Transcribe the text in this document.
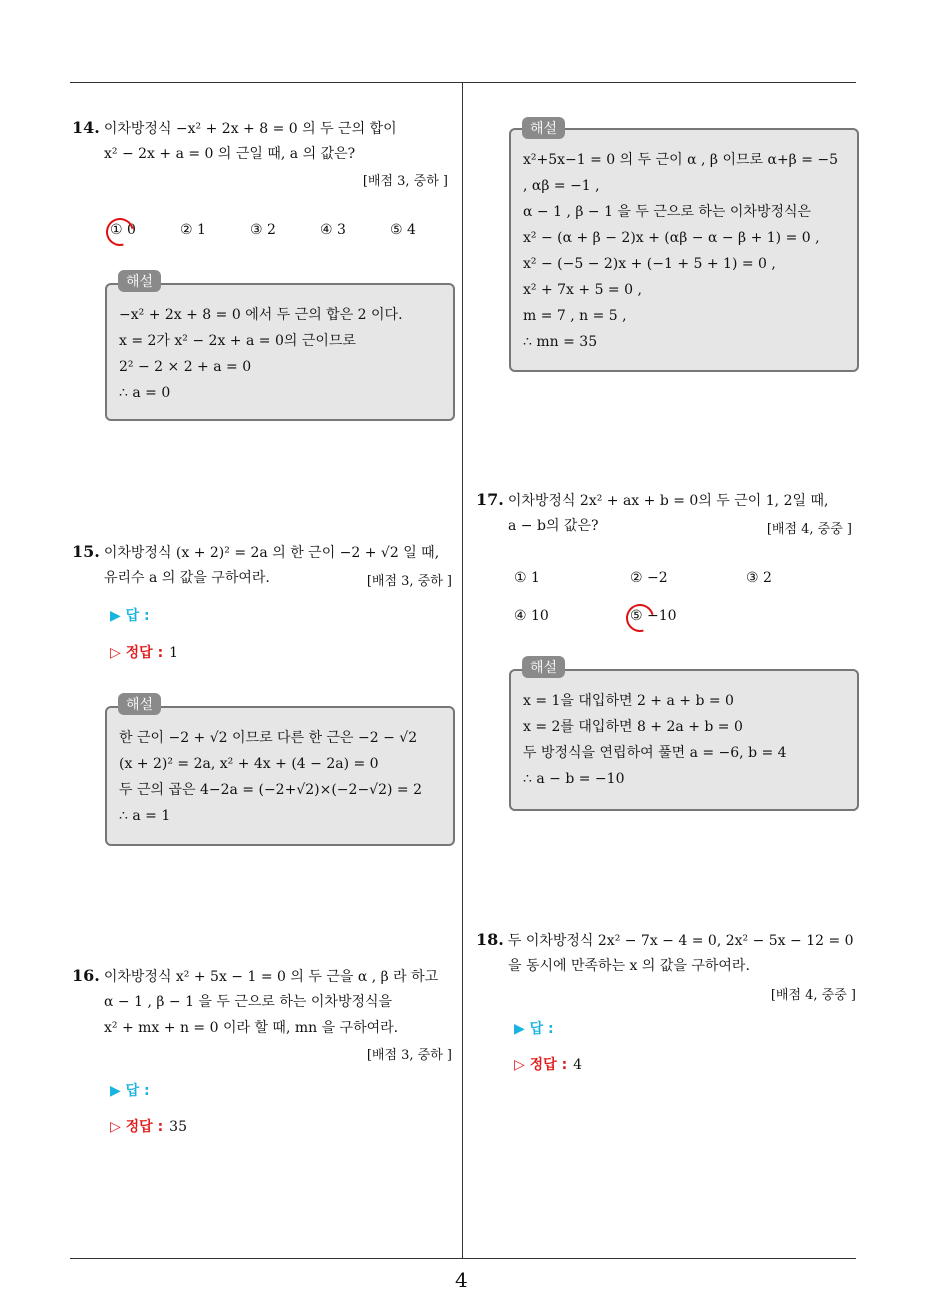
14. 이차방정식 −x² + 2x + 8 = 0 의 두 근의 합이
x² − 2x + a = 0 의 근일 때, a 의 값은?
[배점 3, 중하 ]
① 0	② 1	③ 2	④ 3	⑤ 4
−x² + 2x + 8 = 0 에서 두 근의 합은 2 이다.
x = 2가 x² − 2x + a = 0의 근이므로
2² − 2 × 2 + a = 0
∴ a = 0
해설
15. 이차방정식 (x + 2)² = 2a 의 한 근이 −2 + √2 일 때,
유리수 a 의 값을 구하여라.	[배점 3, 중하 ]
▶ 답 :
▷ 정답 : 1
한 근이 −2 + √2 이므로 다른 한 근은 −2 − √2
(x + 2)² = 2a, x² + 4x + (4 − 2a) = 0
두 근의 곱은 4−2a = (−2+√2)×(−2−√2) = 2
∴ a = 1
해설
16. 이차방정식 x² + 5x − 1 = 0 의 두 근을 α , β 라 하고
α − 1 , β − 1 을 두 근으로 하는 이차방정식을
x² + mx + n = 0 이라 할 때, mn 을 구하여라.
[배점 3, 중하 ]
▶ 답 :
▷ 정답 : 35
x²+5x−1 = 0 의 두 근이 α , β 이므로 α+β = −5
, αβ = −1 ,
α − 1 , β − 1 을 두 근으로 하는 이차방정식은
x² − (α + β − 2)x + (αβ − α − β + 1) = 0 ,
x² − (−5 − 2)x + (−1 + 5 + 1) = 0 ,
x² + 7x + 5 = 0 ,
m = 7 , n = 5 ,
∴ mn = 35
해설
17. 이차방정식 2x² + ax + b = 0의 두 근이 1, 2일 때,
a − b의 값은?	[배점 4, 중중 ]
① 1	② −2	③ 2
④ 10	⑤ −10
x = 1을 대입하면 2 + a + b = 0
x = 2를 대입하면 8 + 2a + b = 0
두 방정식을 연립하여 풀면 a = −6, b = 4
∴ a − b = −10
해설
18. 두 이차방정식 2x² − 7x − 4 = 0, 2x² − 5x − 12 = 0
을 동시에 만족하는 x 의 값을 구하여라.
[배점 4, 중중 ]
▶ 답 :
▷ 정답 : 4
4
